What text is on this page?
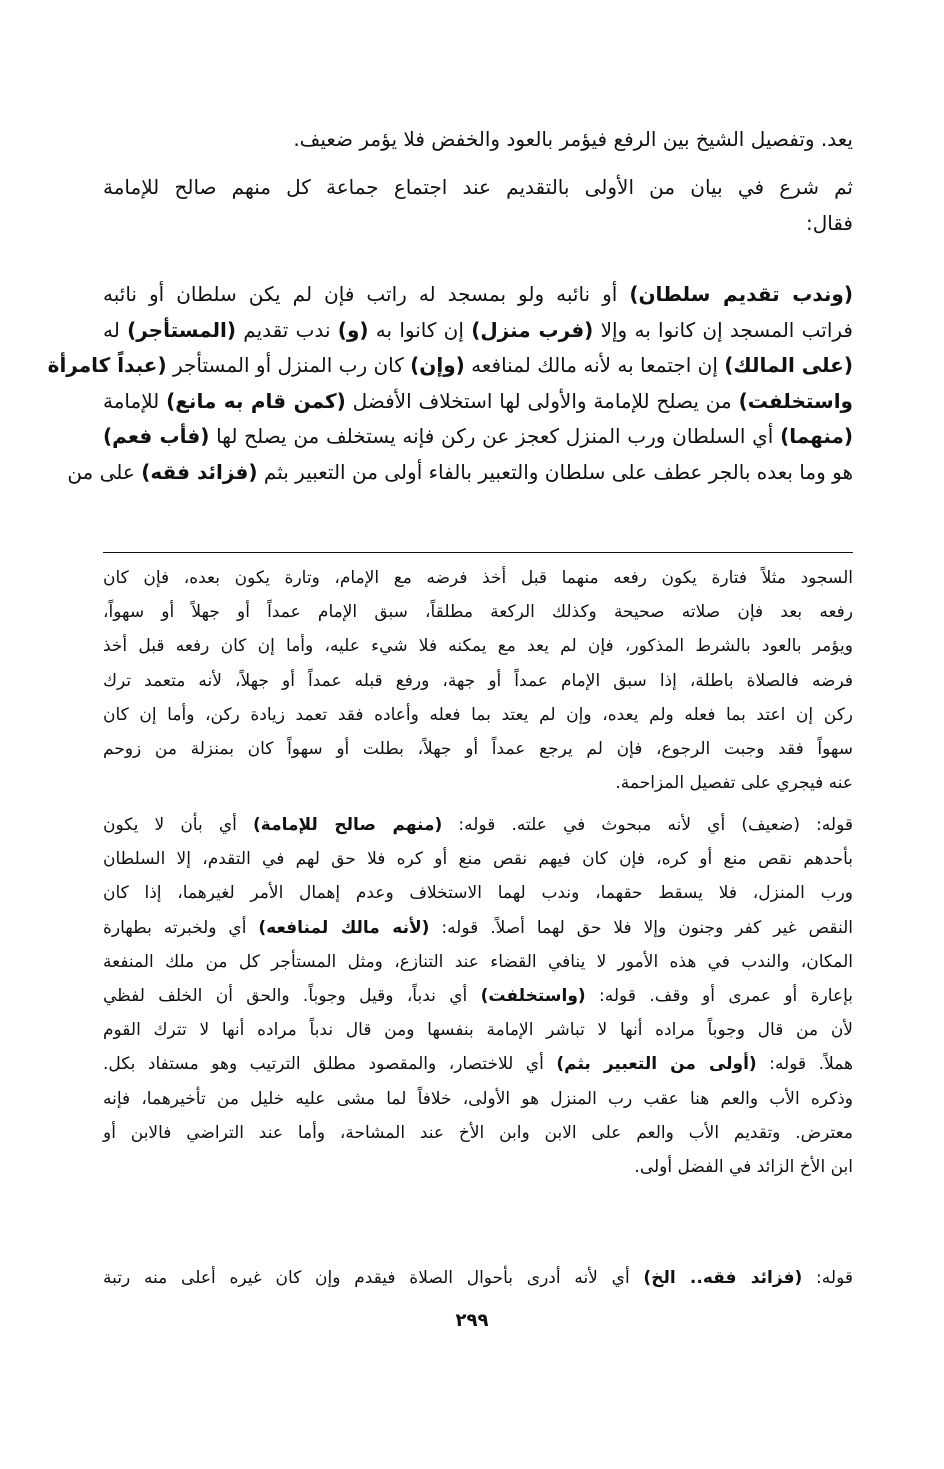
يعد. وتفصيل الشيخ بين الرفع فيؤمر بالعود والخفض فلا يؤمر ضعيف.
ثم شرع في بيان من الأولى بالتقديم عند اجتماع جماعة كل منهم صالح للإمامة
فقال:
(وندب تقديم سلطان) أو نائبه ولو بمسجد له راتب فإن لم يكن سلطان أو نائبه
فراتب المسجد إن كانوا به وإلا (فرب منزل) إن كانوا به (و) ندب تقديم (المستأجر) له
(على المالك) إن اجتمعا به لأنه مالك لمنافعه (وإن) كان رب المنزل أو المستأجر (عبداً كامرأة
واستخلفت) من يصلح للإمامة والأولى لها استخلاف الأفضل (كمن قام به مانع) للإمامة
(منهما) أي السلطان ورب المنزل كعجز عن ركن فإنه يستخلف من يصلح لها (فأب فعم)
هو وما بعده بالجر عطف على سلطان والتعبير بالفاء أولى من التعبير بثم (فزائد فقه) على من
السجود مثلاً فتارة يكون رفعه منهما قبل أخذ فرضه مع الإمام، وتارة يكون بعده، فإن كان
رفعه بعد فإن صلاته صحيحة وكذلك الركعة مطلقاً، سبق الإمام عمداً أو جهلاً أو سهواً،
ويؤمر بالعود بالشرط المذكور، فإن لم يعد مع يمكنه فلا شيء عليه، وأما إن كان رفعه قبل أخذ
فرضه فالصلاة باطلة، إذا سبق الإمام عمداً أو جهة، ورفع قبله عمداً أو جهلاً، لأنه متعمد ترك
ركن إن اعتد بما فعله ولم يعده، وإن لم يعتد بما فعله وأعاده فقد تعمد زيادة ركن، وأما إن كان
سهواً فقد وجبت الرجوع، فإن لم يرجع عمداً أو جهلاً، بطلت أو سهواً كان بمنزلة من زوحم
عنه فيجري على تفصيل المزاحمة.
قوله: (ضعيف) أي لأنه مبحوث في علته. قوله: (منهم صالح للإمامة) أي بأن لا يكون
بأحدهم نقص منع أو كره، فإن كان فيهم نقص منع أو كره فلا حق لهم في التقدم، إلا السلطان
ورب المنزل، فلا يسقط حقهما، وندب لهما الاستخلاف وعدم إهمال الأمر لغيرهما، إذا كان
النقص غير كفر وجنون وإلا فلا حق لهما أصلاً. قوله: (لأنه مالك لمنافعه) أي ولخبرته بطهارة
المكان، والندب في هذه الأمور لا ينافي القضاء عند التنازع، ومثل المستأجر كل من ملك المنفعة
بإعارة أو عمرى أو وقف. قوله: (واستخلفت) أي ندباً، وقيل وجوباً. والحق أن الخلف لفظي
لأن من قال وجوباً مراده أنها لا تباشر الإمامة بنفسها ومن قال ندباً مراده أنها لا تترك القوم
هملاً. قوله: (أولى من التعبير بثم) أي للاختصار، والمقصود مطلق الترتيب وهو مستفاد بكل.
وذكره الأب والعم هنا عقب رب المنزل هو الأولى، خلافاً لما مشى عليه خليل من تأخيرهما، فإنه
معترض. وتقديم الأب والعم على الابن وابن الأخ عند المشاحة، وأما عند التراضي فالابن أو
ابن الأخ الزائد في الفضل أولى.
قوله: (فزائد فقه.. الخ) أي لأنه أدرى بأحوال الصلاة فيقدم وإن كان غيره أعلى منه رتبة
٢٩٩
